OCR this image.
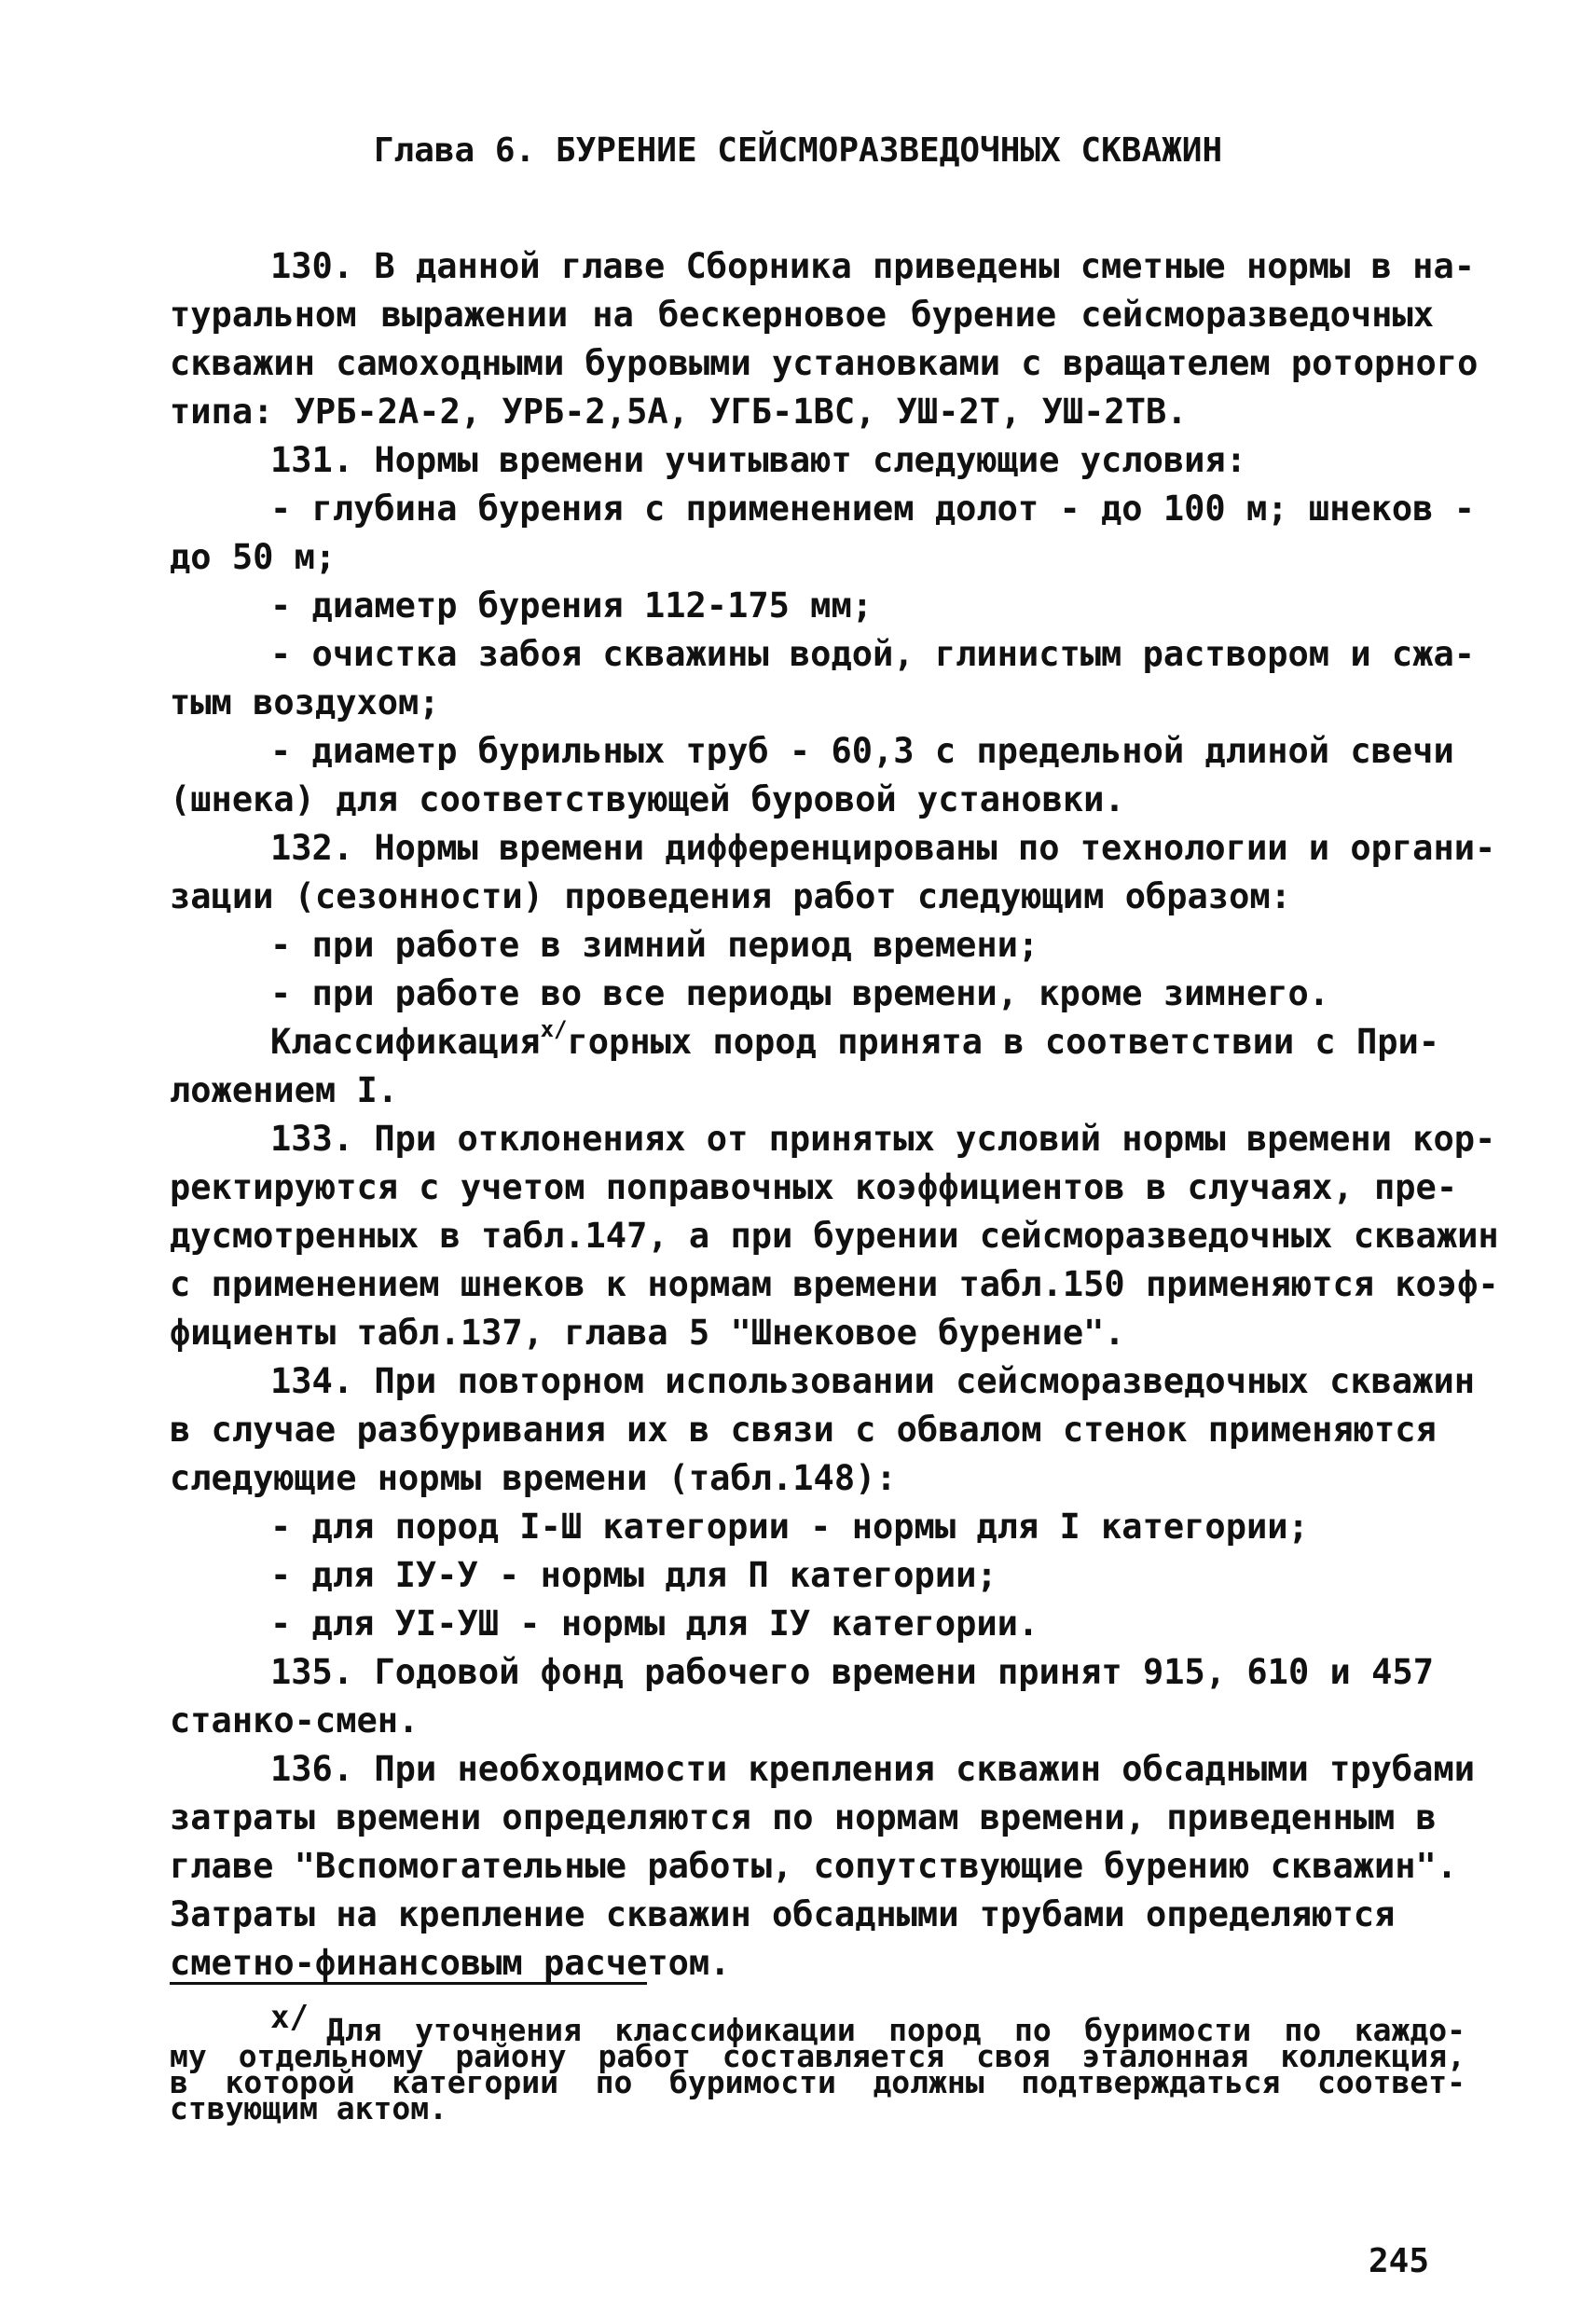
Глава 6. БУРЕНИЕ СЕЙСМОРАЗВЕДОЧНЫХ СКВАЖИН
130. В данной главе Сборника приведены сметные нормы в на-
туральном выражении на бескерновое бурение сейсморазведочных
скважин самоходными буровыми установками с вращателем роторного
типа: УРБ-2А-2, УРБ-2,5А, УГБ-1ВС, УШ-2Т, УШ-2ТВ.
131. Нормы времени учитывают следующие условия:
- глубина бурения с применением долот - до 100 м; шнеков -
до 50 м;
- диаметр бурения 112-175 мм;
- очистка забоя скважины водой, глинистым раствором и сжа-
тым воздухом;
- диаметр бурильных труб - 60,3 с предельной длиной свечи
(шнека) для соответствующей буровой установки.
132. Нормы времени дифференцированы по технологии и органи-
зации (сезонности) проведения работ следующим образом:
- при работе в зимний период времени;
- при работе во все периоды времени, кроме зимнего.
Классификация$^{x/}$ горных пород принята в соответствии с При-
ложением I.
133. При отклонениях от принятых условий нормы времени кор-
ректируются с учетом поправочных коэффициентов в случаях, пре-
дусмотренных в табл.147, а при бурении сейсморазведочных скважин
с применением шнеков к нормам времени табл.150 применяются коэф-
фициенты табл.137, глава 5 "Шнековое бурение".
134. При повторном использовании сейсморазведочных скважин
в случае разбуривания их в связи с обвалом стенок применяются
следующие нормы времени (табл.148):
- для пород I-Ш категории - нормы для I категории;
- для IУ-У - нормы для П категории;
- для УI-УШ - нормы для IУ категории.
135. Годовой фонд рабочего времени принят 915, 610 и 457
станко-смен.
136. При необходимости крепления скважин обсадными трубами
затраты времени определяются по нормам времени, приведенным в
главе "Вспомогательные работы, сопутствующие бурению скважин".
Затраты на крепление скважин обсадными трубами определяются
сметно-финансовым расчетом.
x/ Для уточнения классификации пород по буримости по каждо-
му отдельному району работ составляется своя эталонная коллекция,
в которой категории по буримости должны подтверждаться соответ-
ствующим актом.
245
